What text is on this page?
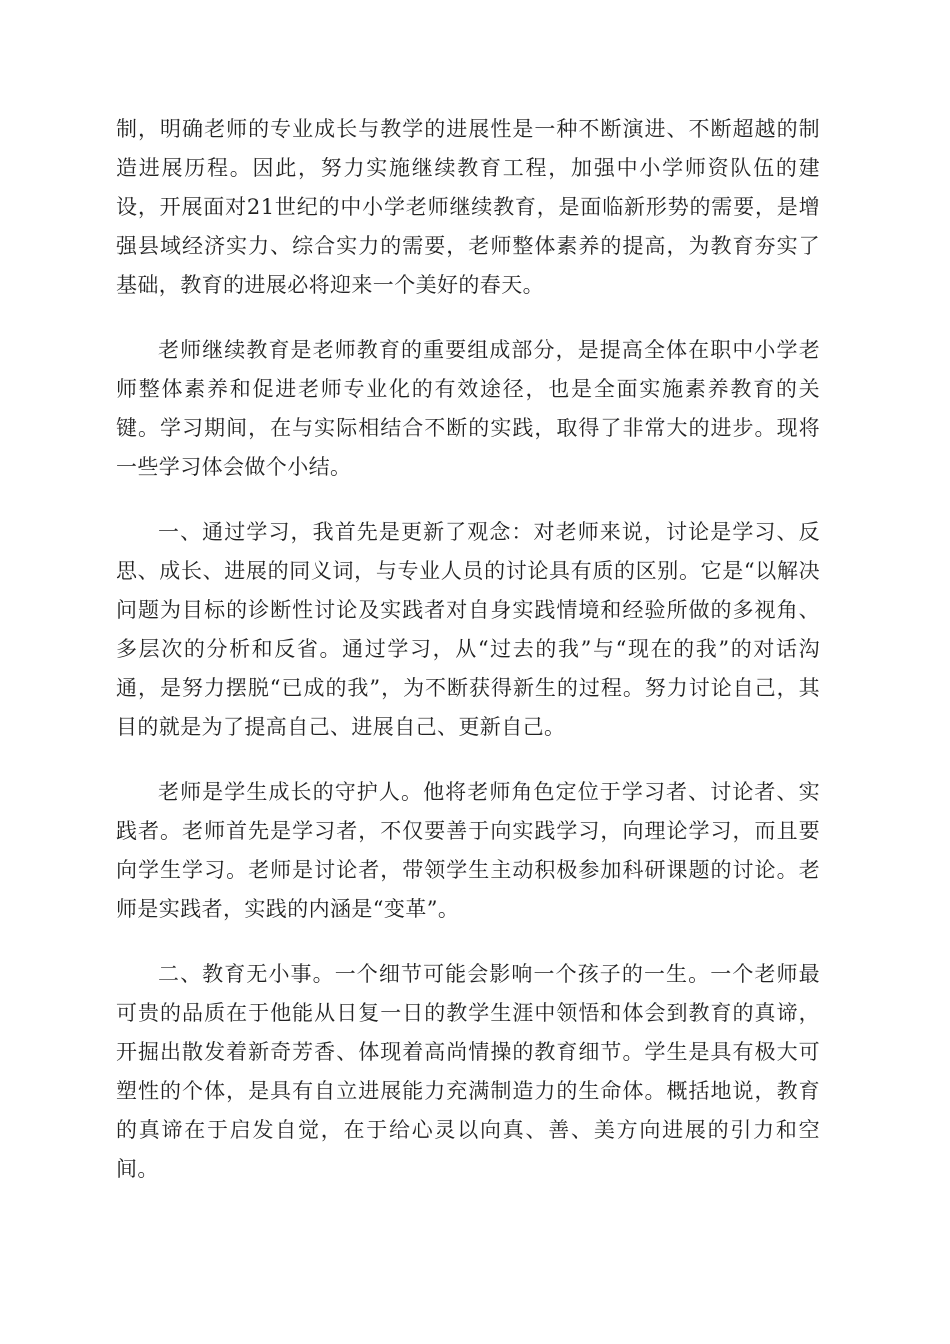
制，明确老师的专业成长与教学的进展性是一种不断演进、不断超越的制造进展历程。因此，努力实施继续教育工程，加强中小学师资队伍的建设，开展面对21世纪的中小学老师继续教育，是面临新形势的需要，是增强县域经济实力、综合实力的需要，老师整体素养的提高，为教育夯实了基础，教育的进展必将迎来一个美好的春天。

老师继续教育是老师教育的重要组成部分，是提高全体在职中小学老师整体素养和促进老师专业化的有效途径，也是全面实施素养教育的关键。学习期间，在与实际相结合不断的实践，取得了非常大的进步。现将一些学习体会做个小结。

一、通过学习，我首先是更新了观念：对老师来说，讨论是学习、反思、成长、进展的同义词，与专业人员的讨论具有质的区别。它是“以解决问题为目标的诊断性讨论及实践者对自身实践情境和经验所做的多视角、多层次的分析和反省。通过学习，从“过去的我”与“现在的我”的对话沟通，是努力摆脱“已成的我”，为不断获得新生的过程。努力讨论自己，其目的就是为了提高自己、进展自己、更新自己。

老师是学生成长的守护人。他将老师角色定位于学习者、讨论者、实践者。老师首先是学习者，不仅要善于向实践学习，向理论学习，而且要向学生学习。老师是讨论者，带领学生主动积极参加科研课题的讨论。老师是实践者，实践的内涵是“变革”。

二、教育无小事。一个细节可能会影响一个孩子的一生。一个老师最可贵的品质在于他能从日复一日的教学生涯中领悟和体会到教育的真谛，开掘出散发着新奇芳香、体现着高尚情操的教育细节。学生是具有极大可塑性的个体，是具有自立进展能力充满制造力的生命体。概括地说，教育的真谛在于启发自觉，在于给心灵以向真、善、美方向进展的引力和空间。
